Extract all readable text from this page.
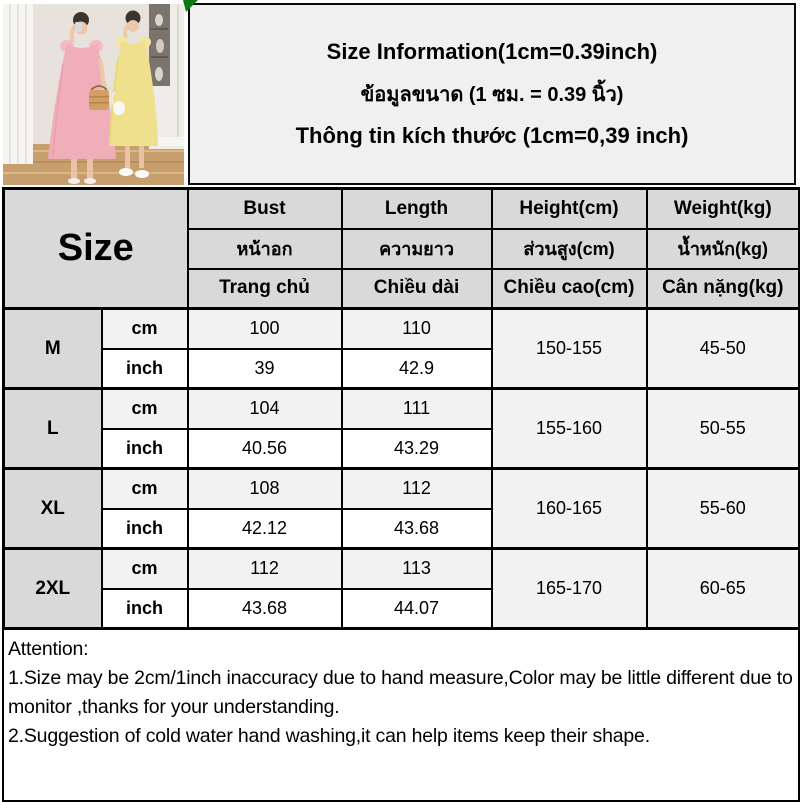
Size Information(1cm=0.39inch)
ข้อมูลขนาด (1 ซม. = 0.39 นิ้ว)
Thông tin kích thước (1cm=0,39 inch)
Size		Bust	Length	Height(cm)	Weight(kg)
		หน้าอก	ความยาว	ส่วนสูง(cm)	น้ำหนัก(kg)
		Trang chủ	Chiều dài	Chiều cao(cm)	Cân nặng(kg)
M	cm	100	110	150-155	45-50
	inch	39	42.9		
L	cm	104	111	155-160	50-55
	inch	40.56	43.29		
XL	cm	108	112	160-165	55-60
	inch	42.12	43.68		
2XL	cm	112	113	165-170	60-65
	inch	43.68	44.07		
Attention:
1.Size may be 2cm/1inch inaccuracy due to hand measure,Color may be little different due to monitor ,thanks for your understanding.
2.Suggestion of cold water hand washing,it can help items keep their shape.
